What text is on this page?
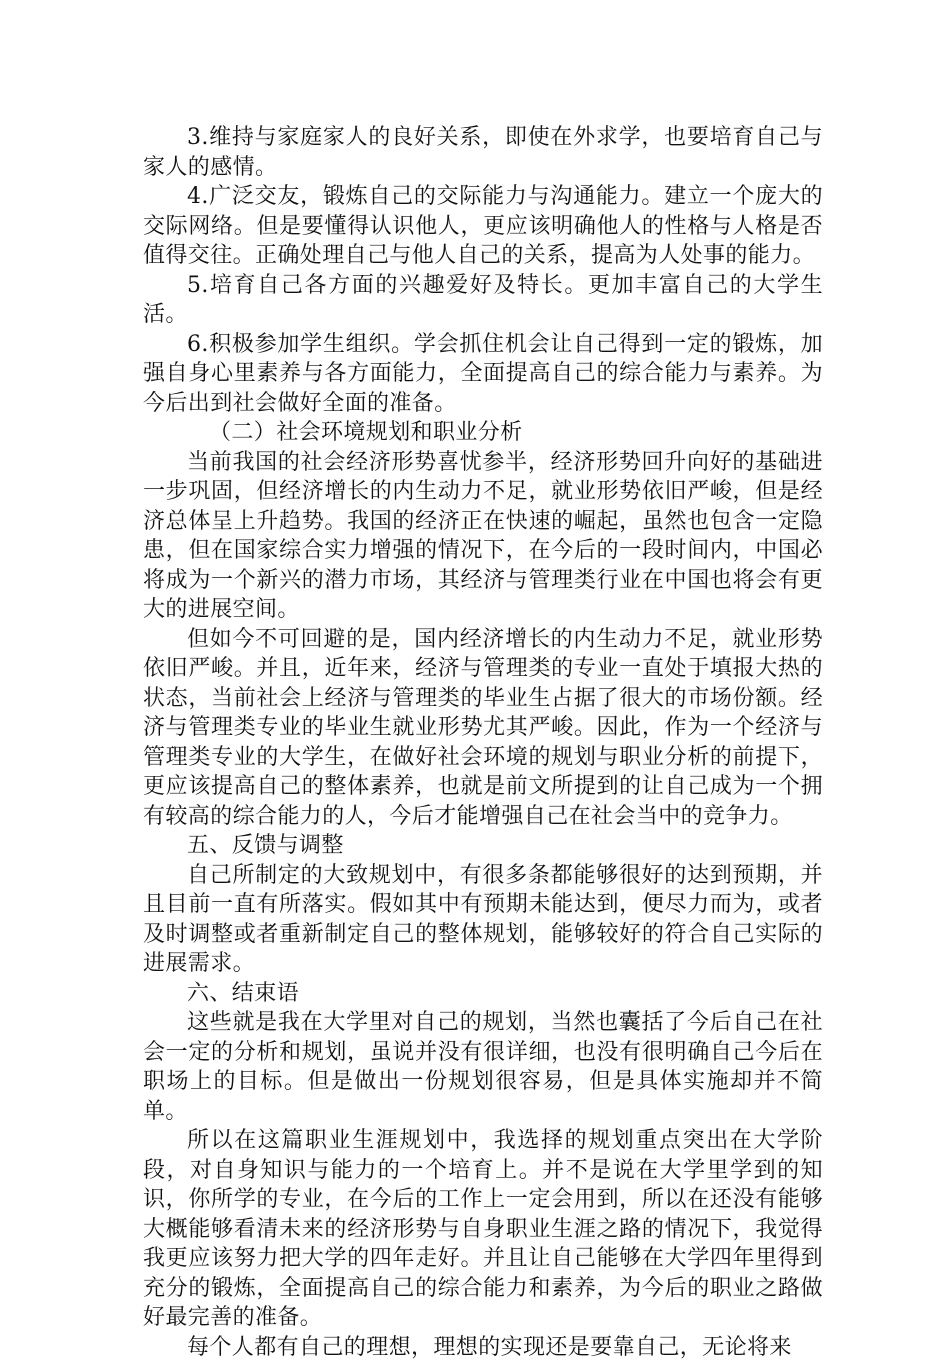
3.维持与家庭家人的良好关系，即使在外求学，也要培育自己与家人的感情。

4.广泛交友，锻炼自己的交际能力与沟通能力。建立一个庞大的交际网络。但是要懂得认识他人，更应该明确他人的性格与人格是否值得交往。正确处理自己与他人自己的关系，提高为人处事的能力。

5.培育自己各方面的兴趣爱好及特长。更加丰富自己的大学生活。

6.积极参加学生组织。学会抓住机会让自己得到一定的锻炼，加强自身心里素养与各方面能力，全面提高自己的综合能力与素养。为今后出到社会做好全面的准备。

（二）社会环境规划和职业分析

当前我国的社会经济形势喜忧参半，经济形势回升向好的基础进一步巩固，但经济增长的内生动力不足，就业形势依旧严峻，但是经济总体呈上升趋势。我国的经济正在快速的崛起，虽然也包含一定隐患，但在国家综合实力增强的情况下，在今后的一段时间内，中国必将成为一个新兴的潜力市场，其经济与管理类行业在中国也将会有更大的进展空间。

但如今不可回避的是，国内经济增长的内生动力不足，就业形势依旧严峻。并且，近年来，经济与管理类的专业一直处于填报大热的状态，当前社会上经济与管理类的毕业生占据了很大的市场份额。经济与管理类专业的毕业生就业形势尤其严峻。因此，作为一个经济与管理类专业的大学生，在做好社会环境的规划与职业分析的前提下，更应该提高自己的整体素养，也就是前文所提到的让自己成为一个拥有较高的综合能力的人，今后才能增强自己在社会当中的竞争力。

五、反馈与调整

自己所制定的大致规划中，有很多条都能够很好的达到预期，并且目前一直有所落实。假如其中有预期未能达到，便尽力而为，或者及时调整或者重新制定自己的整体规划，能够较好的符合自己实际的进展需求。

六、结束语

这些就是我在大学里对自己的规划，当然也囊括了今后自己在社会一定的分析和规划，虽说并没有很详细，也没有很明确自己今后在职场上的目标。但是做出一份规划很容易，但是具体实施却并不简单。

所以在这篇职业生涯规划中，我选择的规划重点突出在大学阶段，对自身知识与能力的一个培育上。并不是说在大学里学到的知识，你所学的专业，在今后的工作上一定会用到，所以在还没有能够大概能够看清未来的经济形势与自身职业生涯之路的情况下，我觉得我更应该努力把大学的四年走好。并且让自己能够在大学四年里得到充分的锻炼，全面提高自己的综合能力和素养，为今后的职业之路做好最完善的准备。

每个人都有自己的理想，理想的实现还是要靠自己，无论将来
